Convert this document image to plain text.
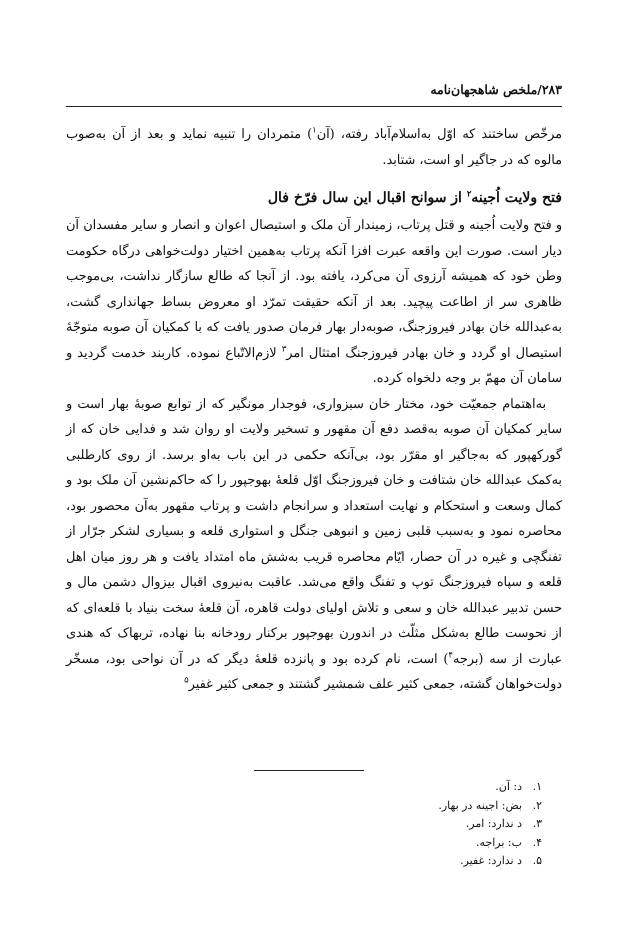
۲۸۳/ملخص شاهجهان‌نامه

مرخّص ساختند که اوّل به‌اسلام‌آباد رفته، (آن$^۱$) متمردان را تنبیه نماید و بعد از آن به‌صوب مالوه که در جاگیر او است، شتابد.

فتح ولایت اُجینه$^۲$ از سوانح اقبال این سال فرّخ فال

و فتح ولایت اُجینه و قتل پرتاب، زمیندار آن ملک و استیصال اعوان و انصار و سایر مفسدان آن دیار است. صورت این واقعه عبرت افزا آنکه پرتاب به‌همین اختیار دولت‌خواهی درگاه حکومت وطن خود که همیشه آرزوی آن می‌کرد، یافته بود. از آنجا که طالع سازگار نداشت، بی‌موجب ظاهری سر از اطاعت پیچید. بعد از آنکه حقیقت تمرّد او معروض بساط جهانداری گشت، به‌عبدالله خان بهادر فیروزجنگ، صوبه‌دار بهار فرمان صدور یافت که با کمکیان آن صوبه متوجّهٔ استیصال او گردد و خان بهادر فیروزجنگ امتثال امر$^۳$ لازم‌الاتّباع نموده. کاربند خدمت گردید و سامان آن مهمّ بر وجه دلخواه کرده.

به‌اهتمام جمعیّت خود، مختار خان سبزواری، فوجدار مونگیر که از توابع صوبهٔ بهار است و سایر کمکیان آن صوبه به‌قصد دفع آن مقهور و تسخیر ولایت او روان شد و فدایی خان که از گورکهپور که به‌جاگیر او مقرّر بود، بی‌آنکه حکمی در این باب به‌او برسد. از روی کارطلبی به‌کمک عبدالله خان شتافت و خان فیروزجنگ اوّل قلعهٔ بهوجپور را که حاکم‌نشین آن ملک بود و کمال وسعت و استحکام و نهایت استعداد و سرانجام داشت و پرتاب مقهور به‌آن محصور بود، محاصره نمود و به‌سبب قلبی زمین و انبوهی جنگل و استواری قلعه و بسیاری لشکر جرّار از تفنگچی و غیره در آن حصار، ایّام محاصره قریب به‌شش ماه امتداد یافت و هر روز میان اهل قلعه و سپاه فیروزجنگ توپ و تفنگ واقع می‌شد. عاقبت به‌نیروی اقبال بیزوال دشمن مال و حسن تدبیر عبدالله خان و سعی و تلاش اولیای دولت قاهره، آن قلعهٔ سخت بنیاد با قلعه‌ای که از نحوست طالع به‌شکل مثلّث در اندورن بهوجپور برکنار رودخانه بنا نهاده، تربهاک که هندی عبارت از سه (برجه$^۴$) است، نام کرده بود و پانزده قلعهٔ دیگر که در آن نواحی بود، مسخّر دولت‌خواهان گشته، جمعی کثیر علف شمشیر گشتند و جمعی کثیر غفیر$^۵$

۱.د: آن.
۲.بض: اجینه در بهار.
۳.د ندارد: امر.
۴.ب: براجه.
۵.د ندارد: غفیر.
